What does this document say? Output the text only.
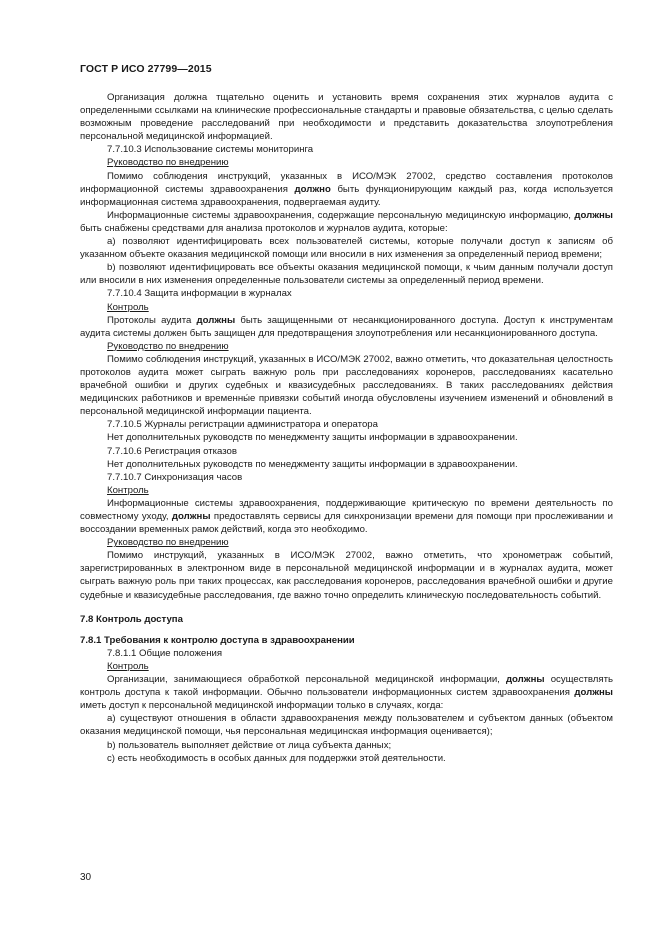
ГОСТ Р ИСО 27799—2015

Организация должна тщательно оценить и установить время сохранения этих журналов аудита с определенными ссылками на клинические профессиональные стандарты и правовые обязательства, с целью сделать возможным проведение расследований при необходимости и представить доказательства злоупотребления персональной медицинской информацией.

7.7.10.3 Использование системы мониторинга

Руководство по внедрению

Помимо соблюдения инструкций, указанных в ИСО/МЭК 27002, средство составления протоколов информационной системы здравоохранения должно быть функционирующим каждый раз, когда используется информационная система здравоохранения, подвергаемая аудиту.

Информационные системы здравоохранения, содержащие персональную медицинскую информацию, должны быть снабжены средствами для анализа протоколов и журналов аудита, которые:

a) позволяют идентифицировать всех пользователей системы, которые получали доступ к записям об указанном объекте оказания медицинской помощи или вносили в них изменения за определенный период времени;

b) позволяют идентифицировать все объекты оказания медицинской помощи, к чьим данным получали доступ или вносили в них изменения определенные пользователи системы за определенный период времени.

7.7.10.4 Защита информации в журналах

Контроль

Протоколы аудита должны быть защищенными от несанкционированного доступа. Доступ к инструментам аудита системы должен быть защищен для предотвращения злоупотребления или несанкционированного доступа.

Руководство по внедрению

Помимо соблюдения инструкций, указанных в ИСО/МЭК 27002, важно отметить, что доказательная целостность протоколов аудита может сыграть важную роль при расследованиях коронеров, расследованиях касательно врачебной ошибки и других судебных и квазисудебных расследованиях. В таких расследованиях действия медицинских работников и временны́е привязки событий иногда обусловлены изучением изменений и обновлений в персональной медицинской информации пациента.

7.7.10.5 Журналы регистрации администратора и оператора

Нет дополнительных руководств по менеджменту защиты информации в здравоохранении.

7.7.10.6 Регистрация отказов

Нет дополнительных руководств по менеджменту защиты информации в здравоохранении.

7.7.10.7 Синхронизация часов

Контроль

Информационные системы здравоохранения, поддерживающие критическую по времени деятельность по совместному уходу, должны предоставлять сервисы для синхронизации времени для помощи при прослеживании и воссоздании временных рамок действий, когда это необходимо.

Руководство по внедрению

Помимо инструкций, указанных в ИСО/МЭК 27002, важно отметить, что хронометраж событий, зарегистрированных в электронном виде в персональной медицинской информации и в журналах аудита, может сыграть важную роль при таких процессах, как расследования коронеров, расследования врачебной ошибки и другие судебные и квазисудебные расследования, где важно точно определить клиническую последовательность событий.

7.8 Контроль доступа

7.8.1 Требования к контролю доступа в здравоохранении

7.8.1.1 Общие положения

Контроль

Организации, занимающиеся обработкой персональной медицинской информации, должны осуществлять контроль доступа к такой информации. Обычно пользователи информационных систем здравоохранения должны иметь доступ к персональной медицинской информации только в случаях, когда:

a) существуют отношения в области здравоохранения между пользователем и субъектом данных (объектом оказания медицинской помощи, чья персональная медицинская информация оценивается);

b) пользователь выполняет действие от лица субъекта данных;

c) есть необходимость в особых данных для поддержки этой деятельности.

30
